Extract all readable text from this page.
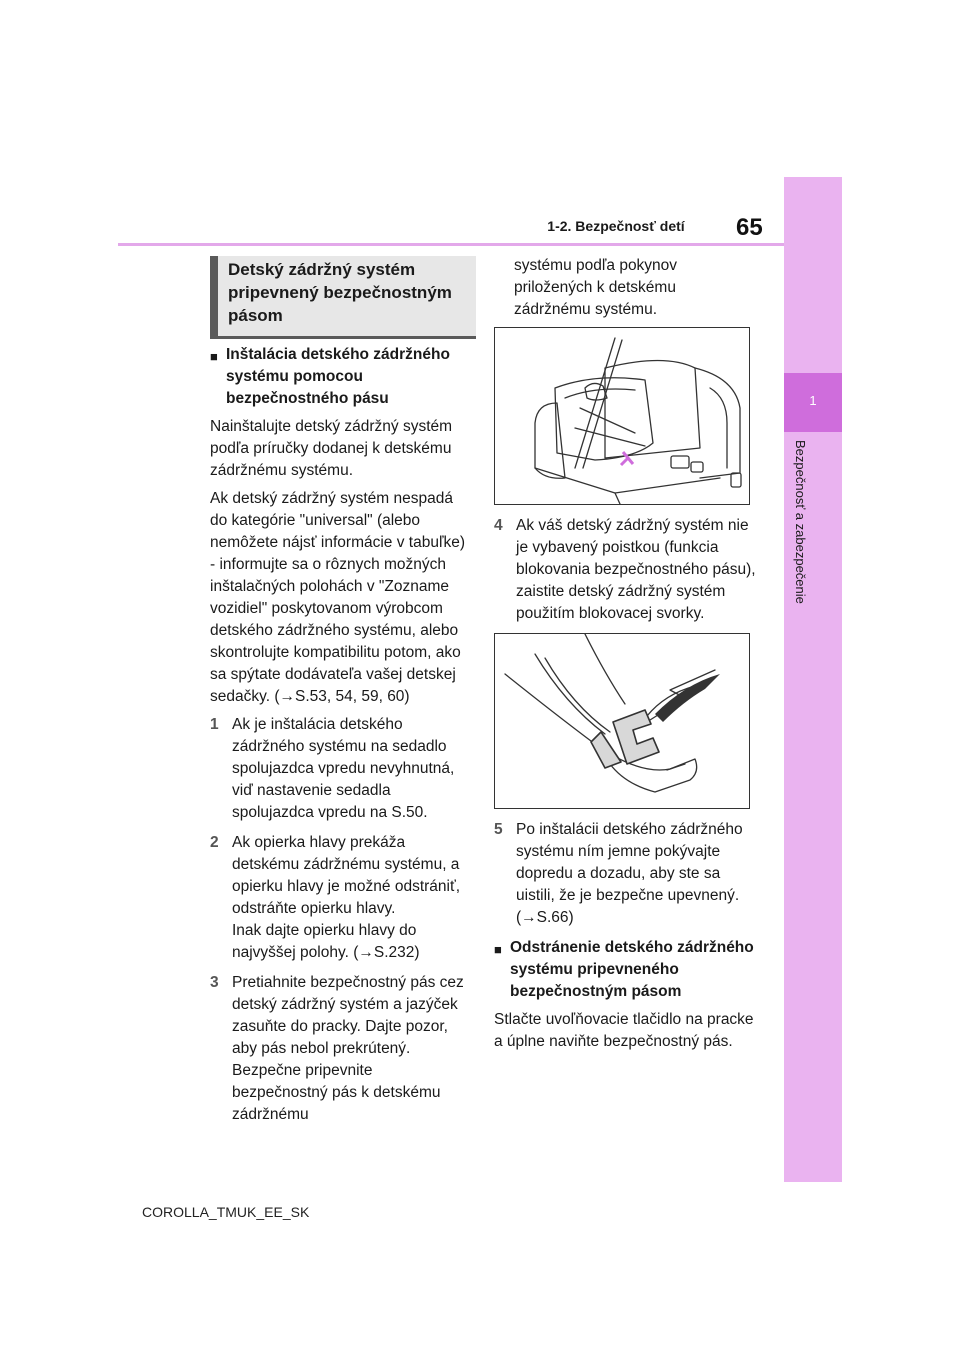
65
1-2. Bezpečnosť detí
1
Bezpečnosť a zabezpečenie
Detský zádržný systém pripevnený bezpečnostným pásom
■ Inštalácia detského zádržného systému pomocou bezpečnostného pásu

Nainštalujte detský zádržný systém podľa príručky dodanej k detskému zádržnému systému.

Ak detský zádržný systém nespadá do kategórie "universal" (alebo nemôžete nájsť informácie v tabuľke) - informujte sa o rôznych možných inštalačných polohách v "Zozname vozidiel" poskytovanom výrobcom detského zádržného systému, alebo skontrolujte kompatibilitu potom, ako sa spýtate dodávateľa vašej detskej sedačky. (→S.53, 54, 59, 60)

1 Ak je inštalácia detského zádržného systému na sedadlo spolujazdca vpredu nevyhnutná, viď nastavenie sedadla spolujazdca vpredu na S.50.
2 Ak opierka hlavy prekáža detskému zádržnému systému, a opierku hlavy je možné odstrániť, odstráňte opierku hlavy.
Inak dajte opierku hlavy do najvyššej polohy. (→S.232)
3 Pretiahnite bezpečnostný pás cez detský zádržný systém a jazýček zasuňte do pracky. Dajte pozor, aby pás nebol prekrútený. Bezpečne pripevnite bezpečnostný pás k detskému zádržnému

systému podľa pokynov priložených k detskému zádržnému systému.

4 Ak váš detský zádržný systém nie je vybavený poistkou (funkcia blokovania bezpečnostného pásu), zaistite detský zádržný systém použitím blokovacej svorky.
5 Po inštalácii detského zádržného systému ním jemne pokývajte dopredu a dozadu, aby ste sa uistili, že je bezpečne upevnený. (→S.66)
■ Odstránenie detského zádržného systému pripevneného bezpečnostným pásom

Stlačte uvoľňovacie tlačidlo na pracke a úplne naviňte bezpečnostný pás.

COROLLA_TMUK_EE_SK
